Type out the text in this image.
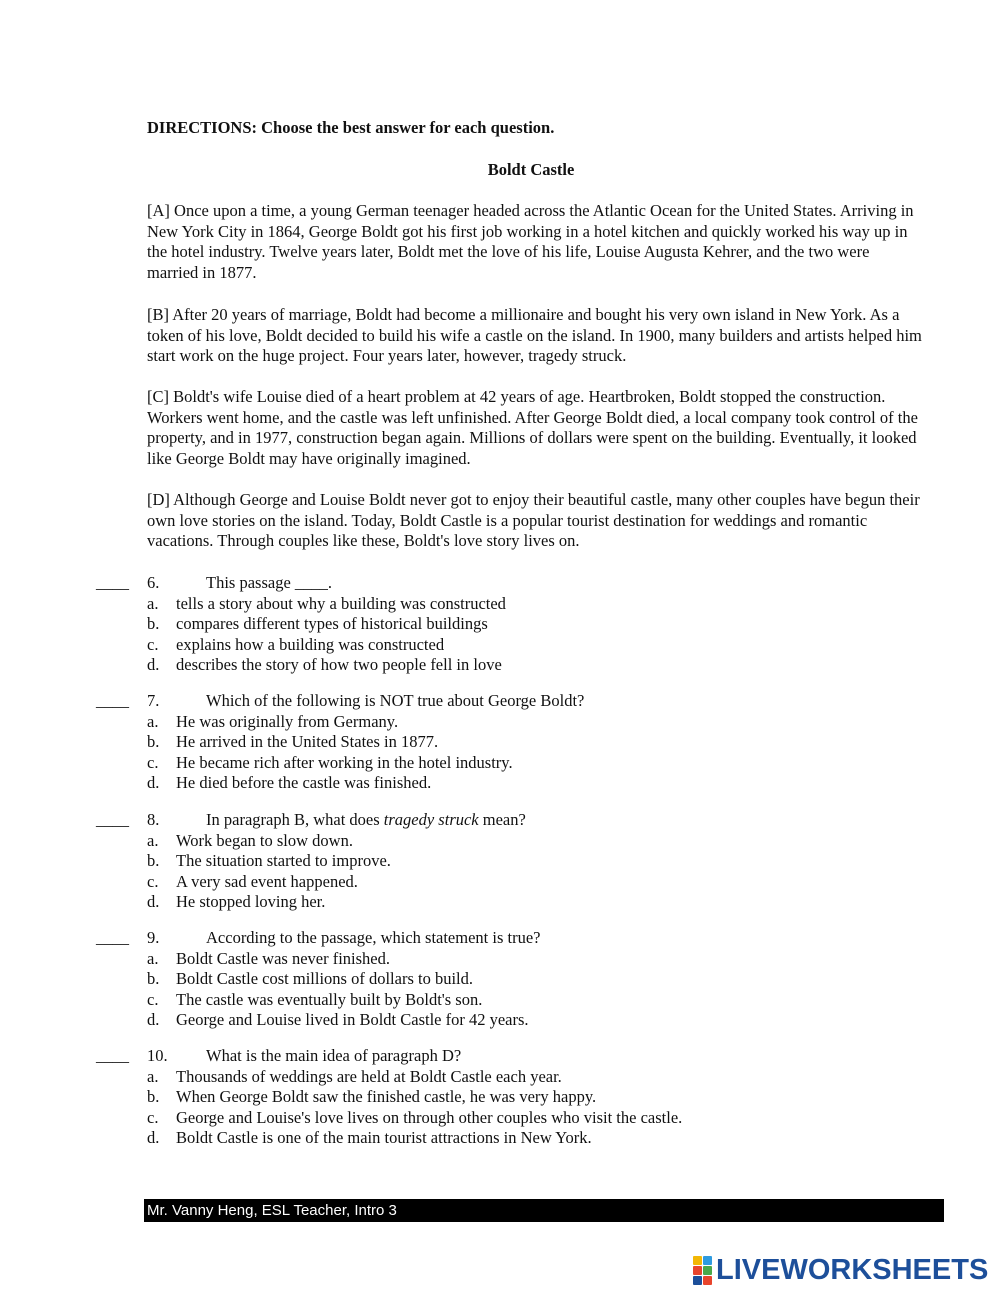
DIRECTIONS: Choose the best answer for each question.
Boldt Castle
[A] Once upon a time, a young German teenager headed across the Atlantic Ocean for the United States. Arriving in New York City in 1864, George Boldt got his first job working in a hotel kitchen and quickly worked his way up in the hotel industry. Twelve years later, Boldt met the love of his life, Louise Augusta Kehrer, and the two were married in 1877.
[B] After 20 years of marriage, Boldt had become a millionaire and bought his very own island in New York. As a token of his love, Boldt decided to build his wife a castle on the island. In 1900, many builders and artists helped him start work on the huge project. Four years later, however, tragedy struck.
[C] Boldt's wife Louise died of a heart problem at 42 years of age. Heartbroken, Boldt stopped the construction. Workers went home, and the castle was left unfinished. After George Boldt died, a local company took control of the property, and in 1977, construction began again. Millions of dollars were spent on the building. Eventually, it looked like George Boldt may have originally imagined.
[D] Although George and Louise Boldt never got to enjoy their beautiful castle, many other couples have begun their own love stories on the island. Today, Boldt Castle is a popular tourist destination for weddings and romantic vacations. Through couples like these, Boldt's love story lives on.
____ 6.	This passage ____.
a. tells a story about why a building was constructed
b. compares different types of historical buildings
c. explains how a building was constructed
d. describes the story of how two people fell in love
____ 7.	Which of the following is NOT true about George Boldt?
a. He was originally from Germany.
b. He arrived in the United States in 1877.
c. He became rich after working in the hotel industry.
d. He died before the castle was finished.
____ 8.	In paragraph B, what does tragedy struck mean?
a. Work began to slow down.
b. The situation started to improve.
c. A very sad event happened.
d. He stopped loving her.
____ 9.	According to the passage, which statement is true?
a. Boldt Castle was never finished.
b. Boldt Castle cost millions of dollars to build.
c. The castle was eventually built by Boldt's son.
d. George and Louise lived in Boldt Castle for 42 years.
____ 10. What is the main idea of paragraph D?
a. Thousands of weddings are held at Boldt Castle each year.
b. When George Boldt saw the finished castle, he was very happy.
c. George and Louise's love lives on through other couples who visit the castle.
d. Boldt Castle is one of the main tourist attractions in New York.
Mr. Vanny Heng, ESL Teacher, Intro 3
LIVEWORKSHEETS
